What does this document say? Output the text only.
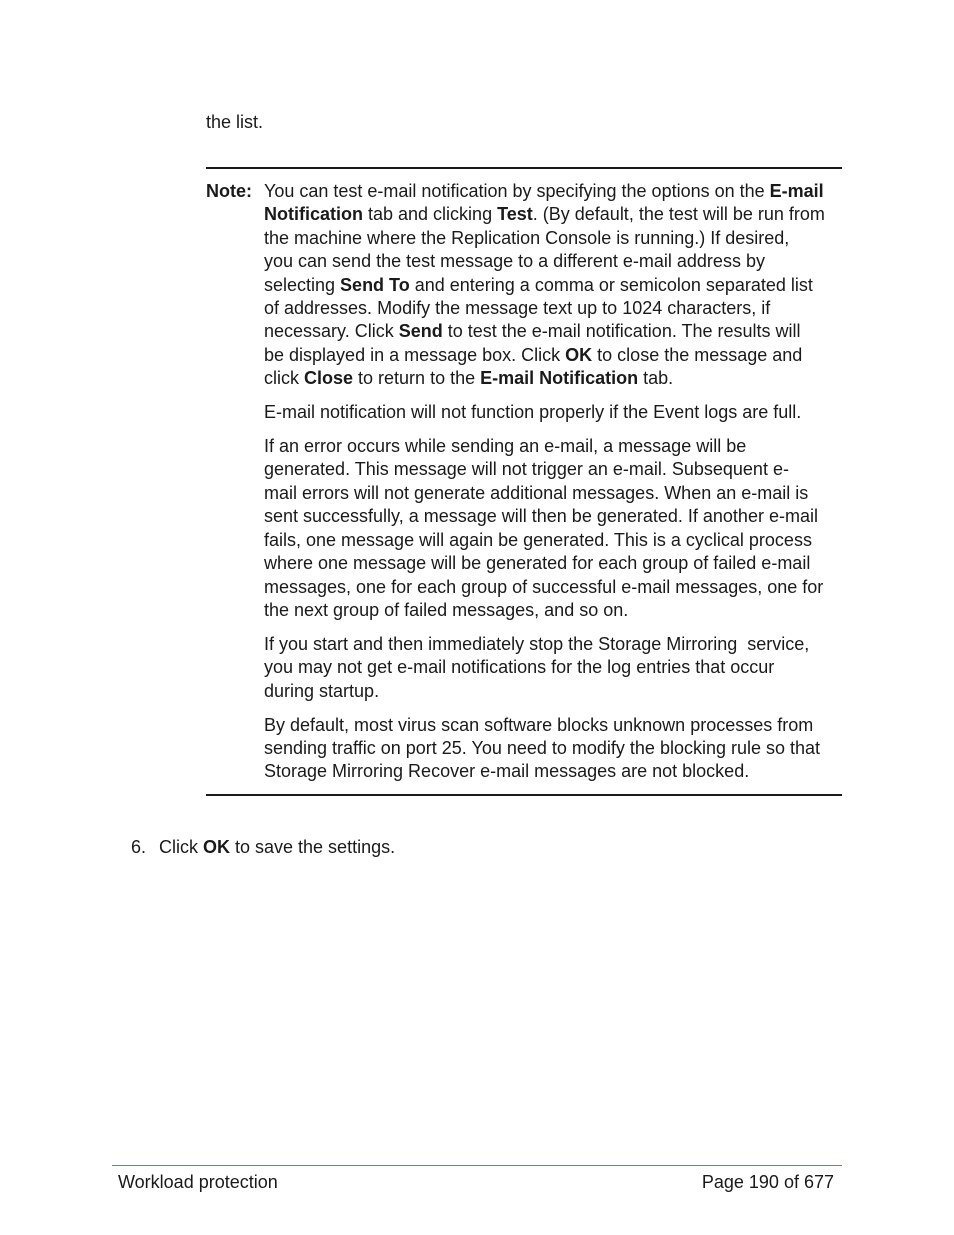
the list.
Note: You can test e-mail notification by specifying the options on the E-mail
Notification tab and clicking Test. (By default, the test will be run from
the machine where the Replication Console is running.) If desired,
you can send the test message to a different e-mail address by
selecting Send To and entering a comma or semicolon separated list
of addresses. Modify the message text up to 1024 characters, if
necessary. Click Send to test the e-mail notification. The results will
be displayed in a message box. Click OK to close the message and
click Close to return to the E-mail Notification tab.
E-mail notification will not function properly if the Event logs are full.
If an error occurs while sending an e-mail, a message will be
generated. This message will not trigger an e-mail. Subsequent e-
mail errors will not generate additional messages. When an e-mail is
sent successfully, a message will then be generated. If another e-mail
fails, one message will again be generated. This is a cyclical process
where one message will be generated for each group of failed e-mail
messages, one for each group of successful e-mail messages, one for
the next group of failed messages, and so on.
If you start and then immediately stop the Storage Mirroring  service,
you may not get e-mail notifications for the log entries that occur
during startup.
By default, most virus scan software blocks unknown processes from
sending traffic on port 25. You need to modify the blocking rule so that
Storage Mirroring Recover e-mail messages are not blocked.
6. Click OK to save the settings.
Workload protection	Page 190 of 677
